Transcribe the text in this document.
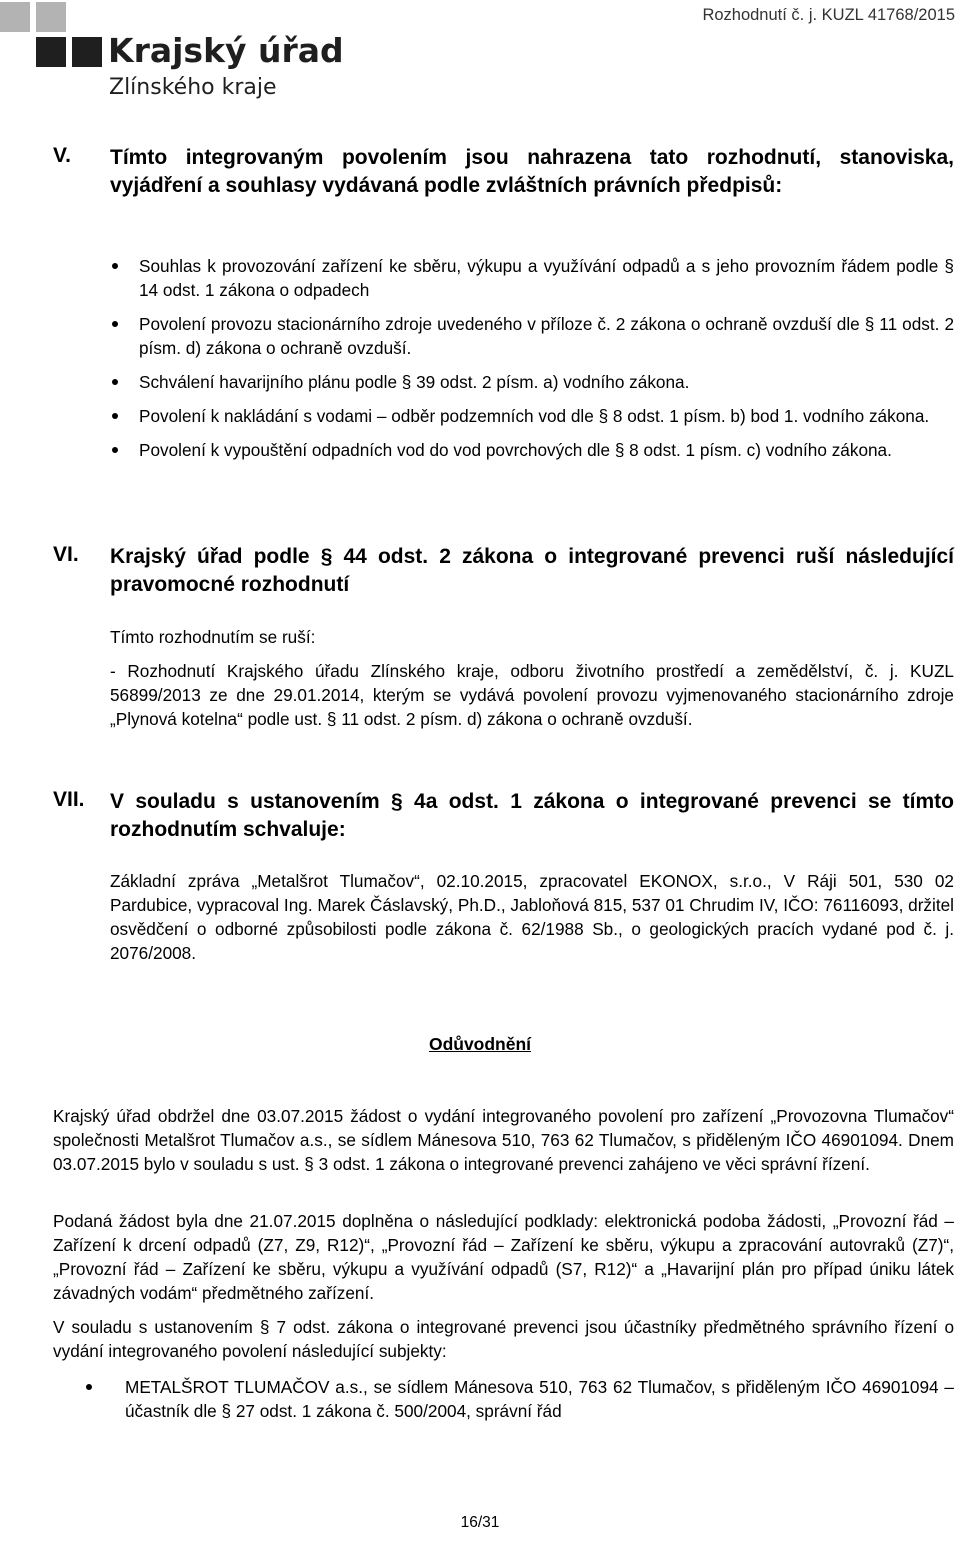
Krajský úřad
Zlínského kraje
Rozhodnutí č. j. KUZL 41768/2015
V. Tímto integrovaným povolením jsou nahrazena tato rozhodnutí, stanoviska, vyjádření a souhlasy vydávaná podle zvláštních právních předpisů:
Souhlas k provozování zařízení ke sběru, výkupu a využívání odpadů a s jeho provozním řádem podle § 14 odst. 1 zákona o odpadech
Povolení provozu stacionárního zdroje uvedeného v příloze č. 2 zákona o ochraně ovzduší dle § 11 odst. 2 písm. d) zákona o ochraně ovzduší.
Schválení havarijního plánu podle § 39 odst. 2 písm. a) vodního zákona.
Povolení k nakládání s vodami – odběr podzemních vod dle § 8 odst. 1 písm. b) bod 1. vodního zákona.
Povolení k vypouštění odpadních vod do vod povrchových dle § 8 odst. 1 písm. c) vodního zákona.
VI. Krajský úřad podle § 44 odst. 2 zákona o integrované prevenci ruší následující pravomocné rozhodnutí

Tímto rozhodnutím se ruší:

- Rozhodnutí Krajského úřadu Zlínského kraje, odboru životního prostředí a zemědělství, č. j. KUZL 56899/2013 ze dne 29.01.2014, kterým se vydává povolení provozu vyjmenovaného stacionárního zdroje „Plynová kotelna“ podle ust. § 11 odst. 2 písm. d) zákona o ochraně ovzduší.

VII. V souladu s ustanovením § 4a odst. 1 zákona o integrované prevenci se tímto rozhodnutím schvaluje:

Základní zpráva „Metalšrot Tlumačov“, 02.10.2015, zpracovatel EKONOX, s.r.o., V Ráji 501, 530 02 Pardubice, vypracoval Ing. Marek Čáslavský, Ph.D., Jabloňová 815, 537 01 Chrudim IV, IČO: 76116093, držitel osvědčení o odborné způsobilosti podle zákona č. 62/1988 Sb., o geologických pracích vydané pod č. j. 2076/2008.

Odůvodnění

Krajský úřad obdržel dne 03.07.2015 žádost o vydání integrovaného povolení pro zařízení „Provozovna Tlumačov“ společnosti Metalšrot Tlumačov a.s., se sídlem Mánesova 510, 763 62 Tlumačov, s přiděleným IČO 46901094. Dnem 03.07.2015 bylo v souladu s ust. § 3 odst. 1 zákona o integrované prevenci zahájeno ve věci správní řízení.

Podaná žádost byla dne 21.07.2015 doplněna o následující podklady: elektronická podoba žádosti, „Provozní řád – Zařízení k drcení odpadů (Z7, Z9, R12)“, „Provozní řád – Zařízení ke sběru, výkupu a zpracování autovraků (Z7)“, „Provozní řád – Zařízení ke sběru, výkupu a využívání odpadů (S7, R12)“ a „Havarijní plán pro případ úniku látek závadných vodám“ předmětného zařízení.

V souladu s ustanovením § 7 odst. zákona o integrované prevenci jsou účastníky předmětného správního řízení o vydání integrovaného povolení následující subjekty:

METALŠROT TLUMAČOV a.s., se sídlem Mánesova 510, 763 62 Tlumačov, s přiděleným IČO 46901094 – účastník dle § 27 odst. 1 zákona č. 500/2004, správní řád
16/31
